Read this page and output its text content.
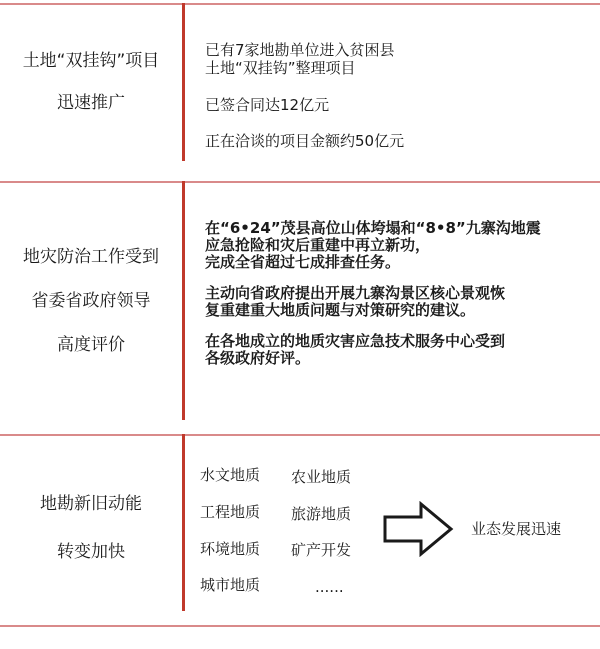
土地“双挂钩”项目

迅速推广

已有7家地勘单位进入贫困县

土地“双挂钩”整理项目

已签合同达12亿元

正在洽谈的项目金额约50亿元

地灾防治工作受到

省委省政府领导

高度评价

在“6•24”茂县高位山体垮塌和“8•8”九寨沟地震

应急抢险和灾后重建中再立新功，

完成全省超过七成排查任务。

主动向省政府提出开展九寨沟景区核心景观恢

复重建重大地质问题与对策研究的建议。

在各地成立的地质灾害应急技术服务中心受到

各级政府好评。

地勘新旧动能

转变加快

水文地质 农业地质
工程地质 旅游地质
环境地质 矿产开发
城市地质	......
业态发展迅速
